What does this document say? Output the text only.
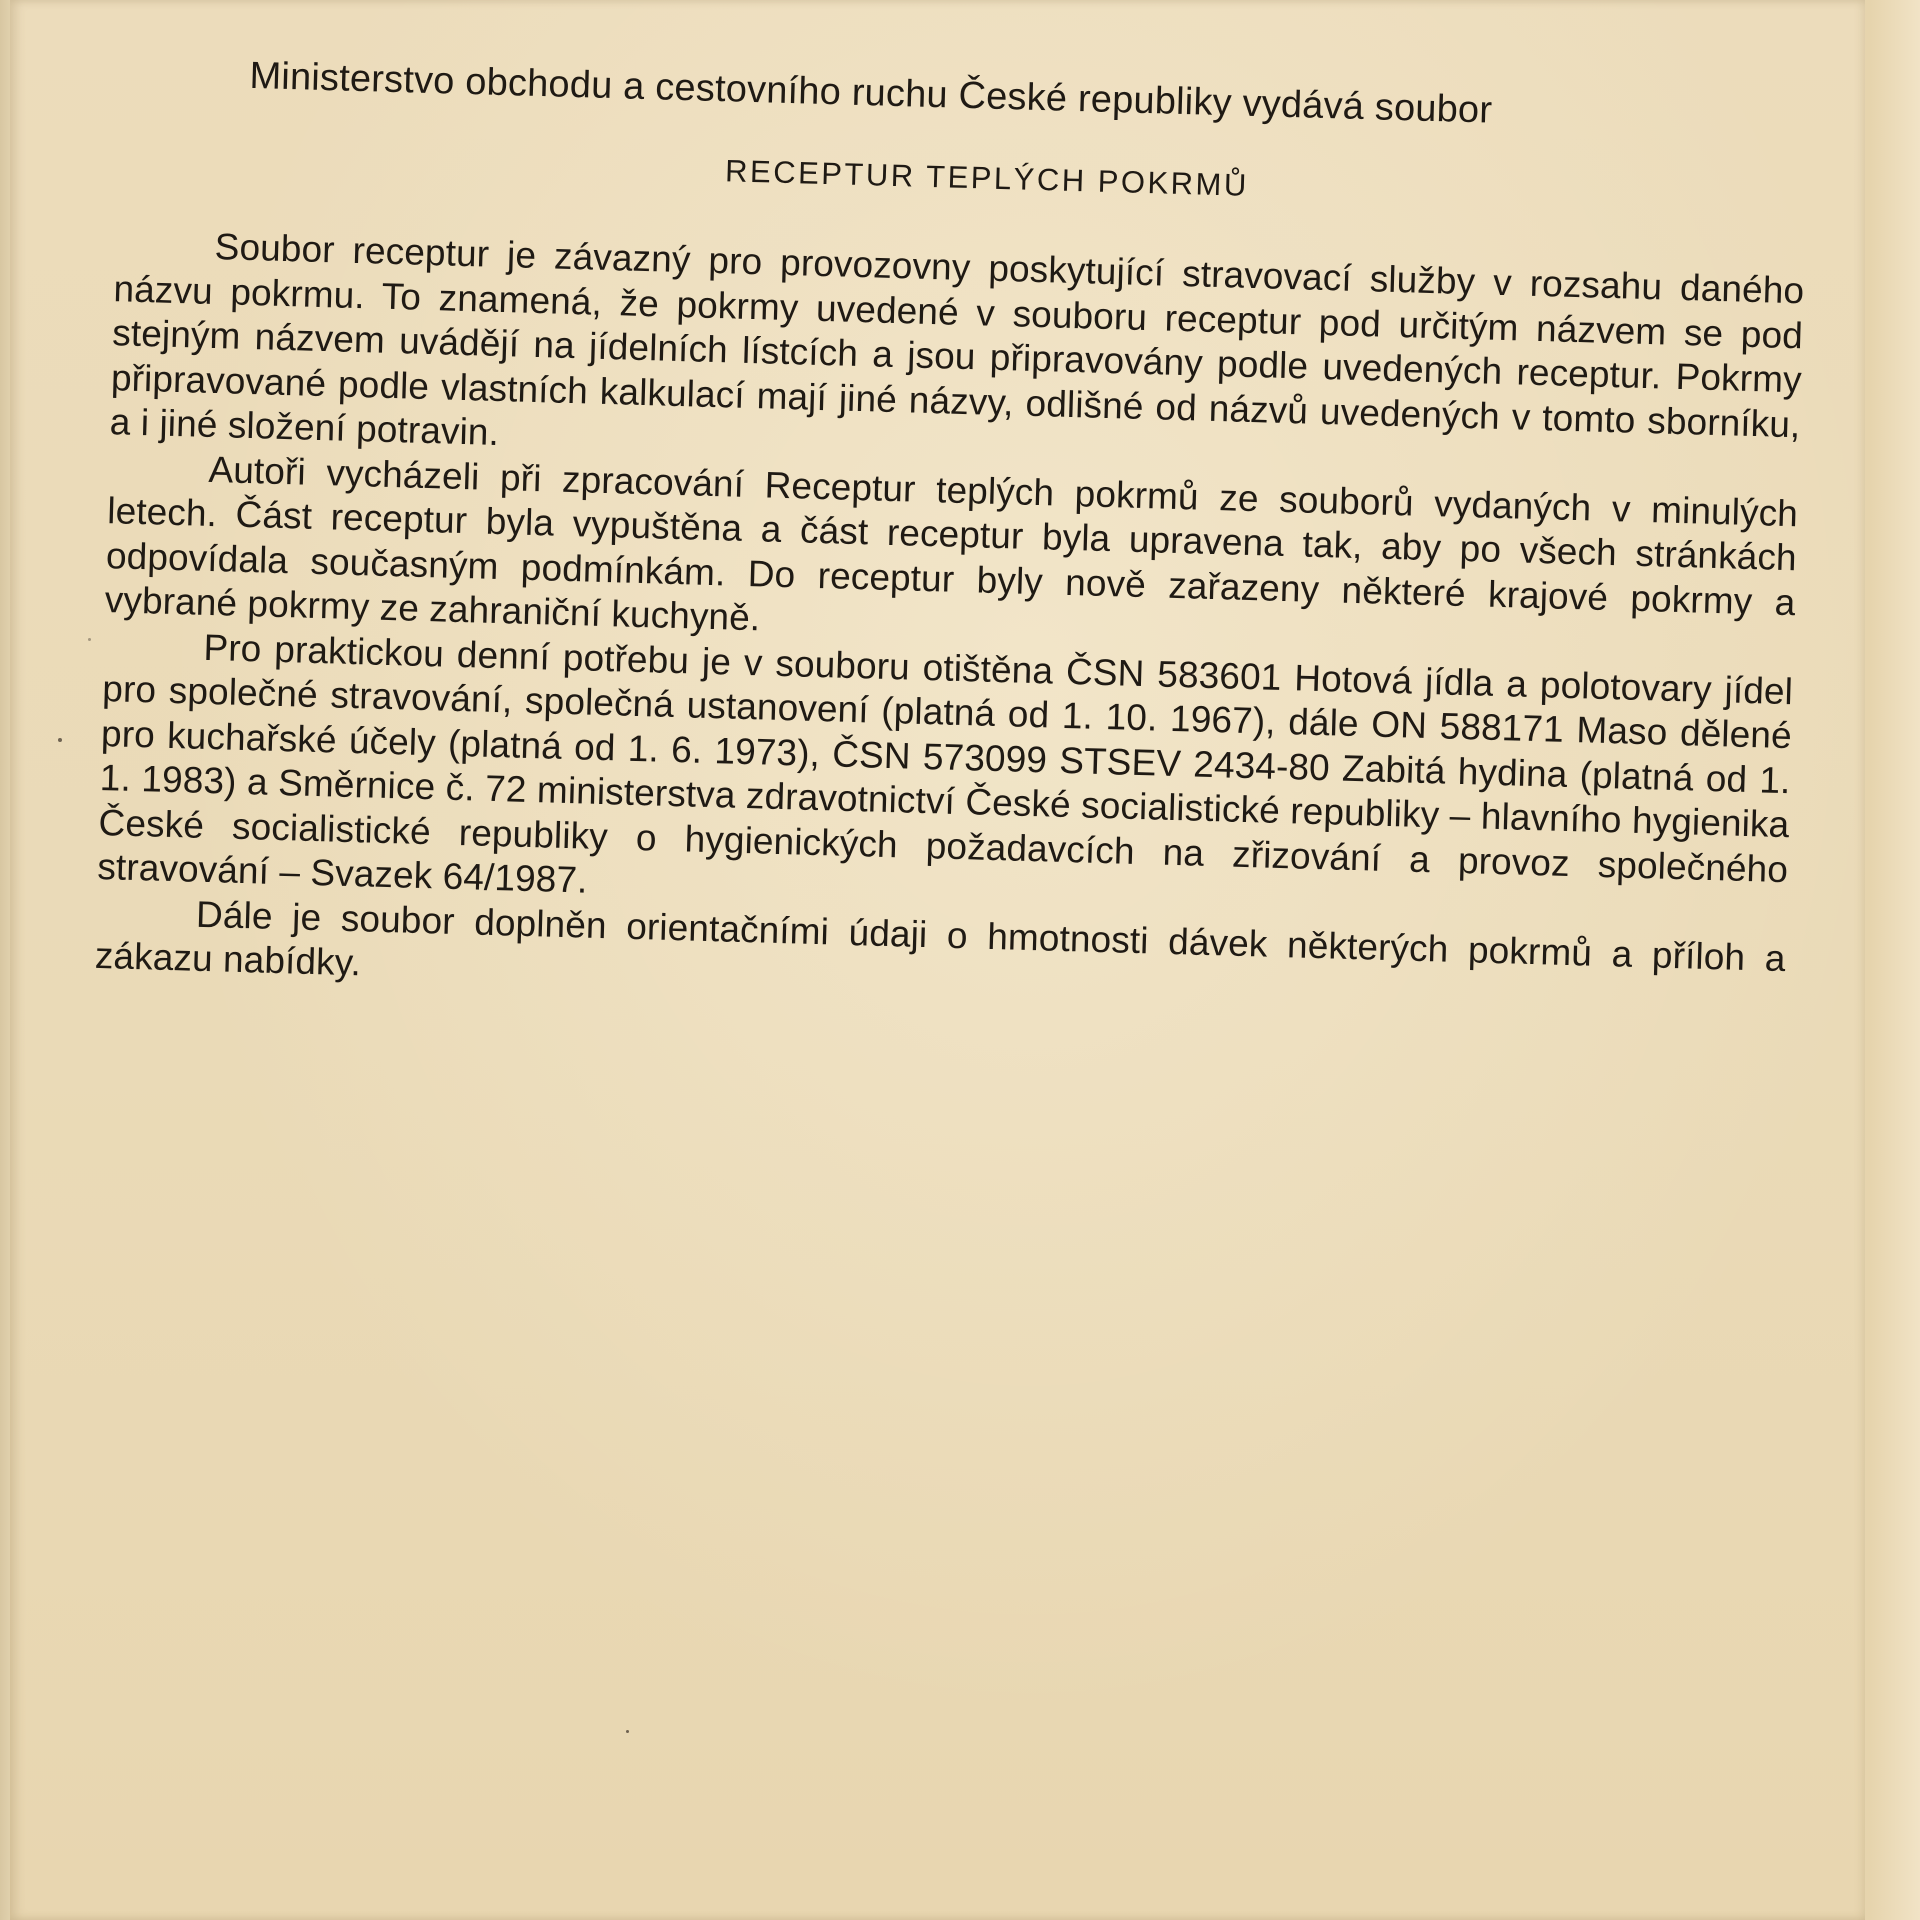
Ministerstvo obchodu a cestovního ruchu České republiky vydává soubor
RECEPTUR TEPLÝCH POKRMŮ

Soubor receptur je závazný pro provozovny poskytující stravovací služby v rozsahu daného názvu pokrmu. To znamená, že pokrmy uvedené v souboru receptur pod určitým názvem se pod stejným názvem uvádějí na jídelních lístcích a jsou připravovány podle uvedených receptur. Pokrmy připravované podle vlastních kalkulací mají jiné názvy, odlišné od názvů uvedených v tomto sborníku, a i jiné složení potravin.

Autoři vycházeli při zpracování Receptur teplých pokrmů ze souborů vydaných v minulých letech. Část receptur byla vypuštěna a část receptur byla upravena tak, aby po všech stránkách odpovídala současným podmínkám. Do receptur byly nově zařazeny některé krajové pokrmy a vybrané pokrmy ze zahraniční kuchyně.

Pro praktickou denní potřebu je v souboru otištěna ČSN 583601 Hotová jídla a polotovary jídel pro společné stravování, společná ustanovení (platná od 1. 10. 1967), dále ON 588171 Maso dělené pro kuchařské účely (platná od 1. 6. 1973), ČSN 573099 STSEV 2434-80 Zabitá hydina (platná od 1. 1. 1983) a Směrnice č. 72 ministerstva zdravotnictví České socialistické republiky – hlavního hygienika České socialistické republiky o hygienických požadavcích na zřizování a provoz společného stravování – Svazek 64/1987.

Dále je soubor doplněn orientačními údaji o hmotnosti dávek některých pokrmů a příloh a zákazu nabídky.
